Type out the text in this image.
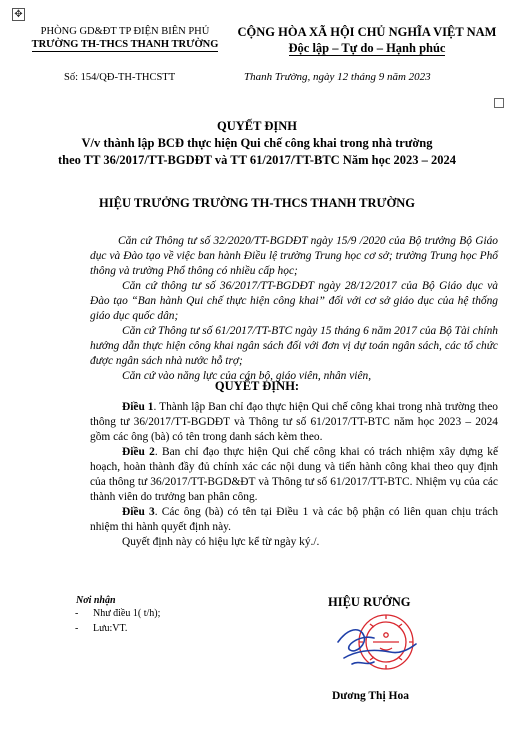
✥
PHÒNG GD&ĐT TP ĐIỆN BIÊN PHỦ
TRƯỜNG TH-THCS THANH TRƯỜNG
CỘNG HÒA XÃ HỘI CHỦ NGHĨA VIỆT NAM
Độc lập – Tự do – Hạnh phúc
Số: 154/QĐ-TH-THCSTT	Thanh Trường, ngày 12 tháng 9 năm 2023
QUYẾT ĐỊNH
V/v thành lập BCĐ thực hiện Qui chế công khai trong nhà trường
theo TT 36/2017/TT-BGDĐT và TT 61/2017/TT-BTC Năm học 2023 – 2024
HIỆU TRƯỞNG TRƯỜNG TH-THCS THANH TRƯỜNG

Căn cứ Thông tư số 32/2020/TT-BGDĐT ngày 15/9 /2020 của Bộ trưởng Bộ Giáo dục và Đào tạo về việc ban hành Điều lệ trường Trung học cơ sở; trường Trung học Phổ thông và trường Phổ thông có nhiều cấp học;

Căn cứ thông tư số 36/2017/TT-BGDĐT ngày 28/12/2017 của Bộ Giáo dục và Đào tạo “Ban hành Qui chế thực hiện công khai” đối với cơ sở giáo dục của hệ thống giáo dục quốc dân;

Căn cứ Thông tư số 61/2017/TT-BTC ngày 15 tháng 6 năm 2017 của Bộ Tài chính hướng dẫn thực hiện công khai ngân sách đối với đơn vị dự toán ngân sách, các tổ chức được ngân sách nhà nước hỗ trợ;

Căn cứ vào năng lực của cán bộ, giáo viên, nhân viên,

QUYẾT ĐỊNH:

Điều 1. Thành lập Ban chỉ đạo thực hiện Qui chế công khai trong nhà trường theo thông tư 36/2017/TT-BGDĐT và Thông tư số 61/2017/TT-BTC năm học 2023 – 2024 gồm các ông (bà) có tên trong danh sách kèm theo.

Điều 2. Ban chỉ đạo thực hiện Qui chế công khai có trách nhiệm xây dựng kế hoạch, hoàn thành đầy đủ chính xác các nội dung và tiến hành công khai theo quy định của thông tư 36/2017/TT-BGD&ĐT và Thông tư số 61/2017/TT-BTC. Nhiệm vụ của các thành viên do trưởng ban phân công.

Điều 3. Các ông (bà) có tên tại Điều 1 và các bộ phận có liên quan chịu trách nhiệm thi hành quyết định này.

Quyết định này có hiệu lực kể từ ngày ký./.

Nơi nhận
- Như điều 1( t/h);
- Lưu:VT.
HIỆU RƯỞNG
Dương Thị Hoa
